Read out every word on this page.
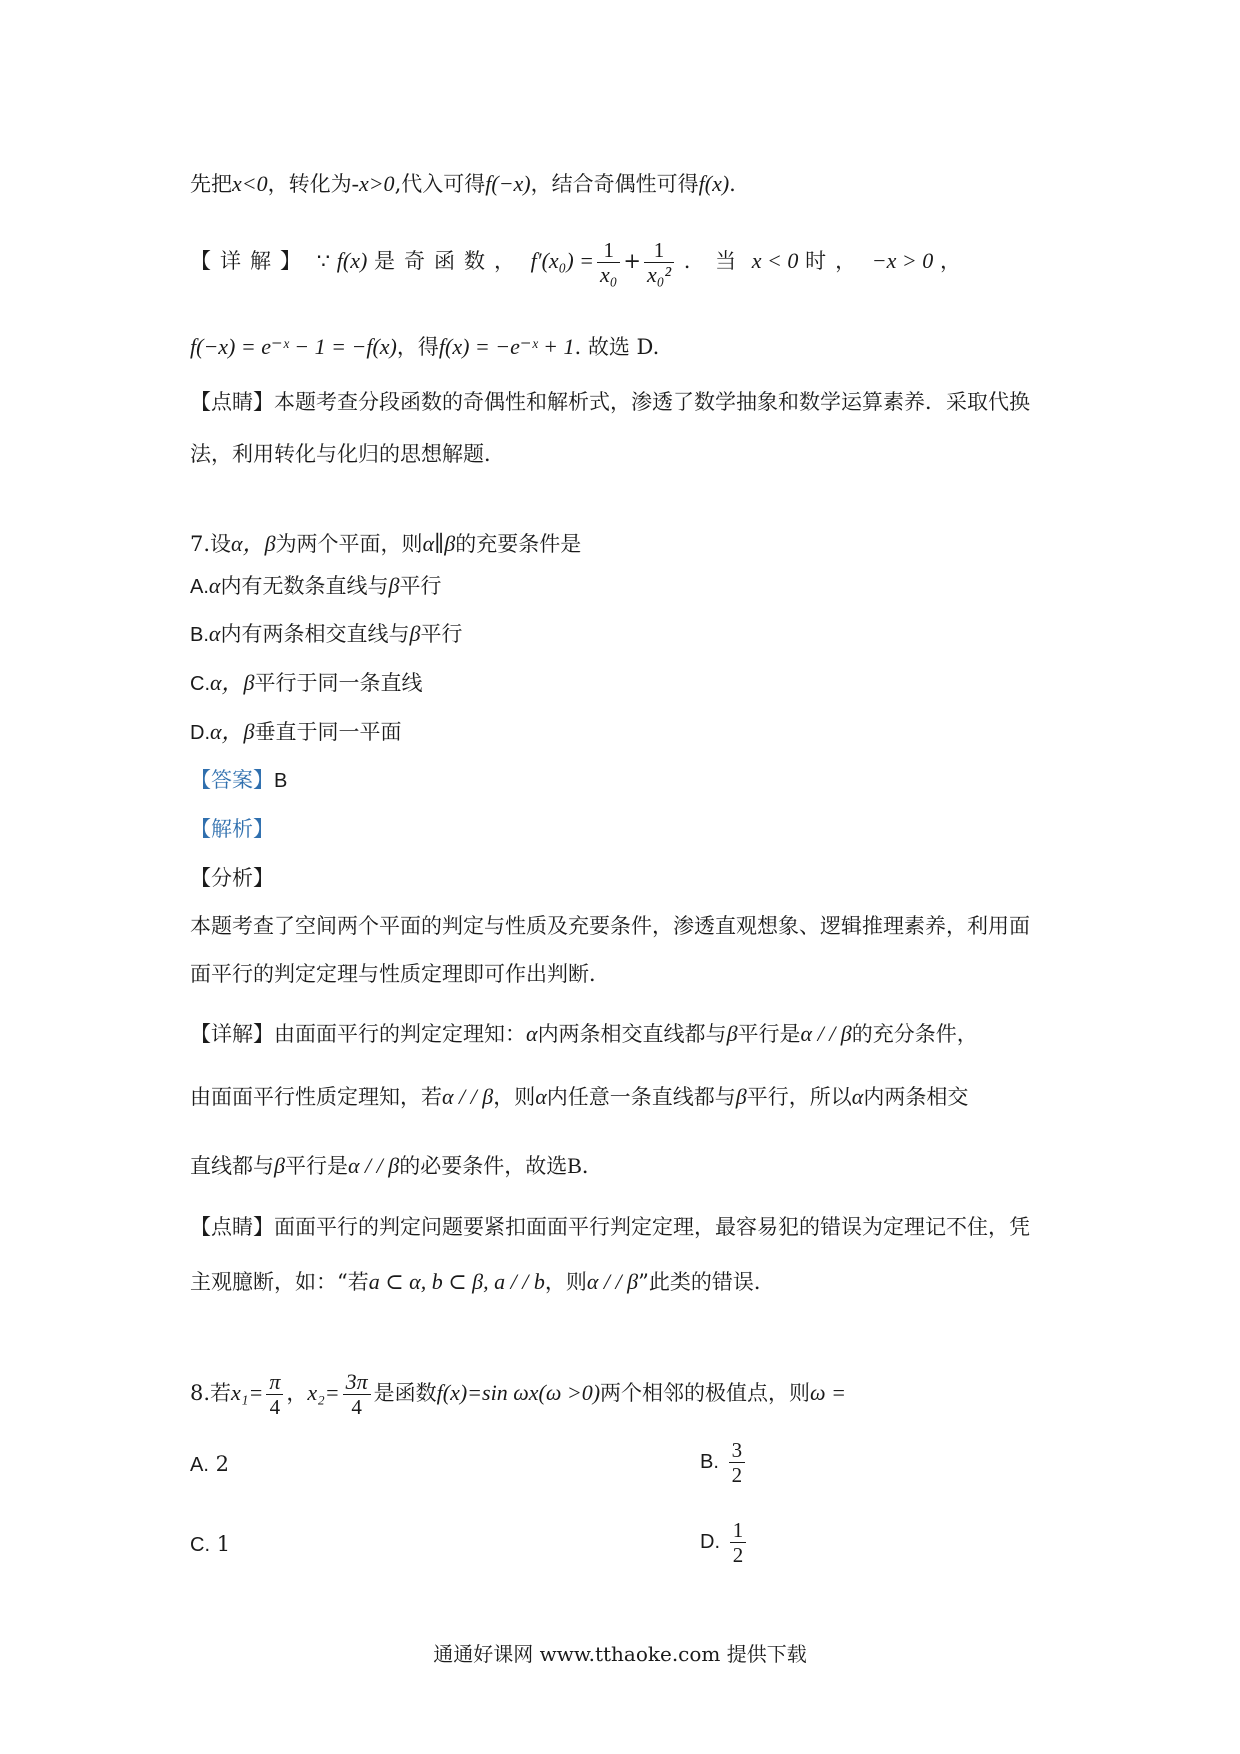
先把x<0，转化为-x>0,代入可得f(−x)，结合奇偶性可得f(x).
【详解】 ∵ f(x) 是奇函数， $f'(x_0) = \frac{1}{\text{x₀}} + \frac{1}{\text{x₀²}}$ . 当 x < 0 时， −x > 0 ，
f(−x) = e⁻ˣ − 1 = −f(x)，得f(x) = −e⁻ˣ + 1. 故选 D.
【点睛】本题考查分段函数的奇偶性和解析式，渗透了数学抽象和数学运算素养．采取代换
法，利用转化与化归的思想解题．
7.设α，β为两个平面，则α∥β的充要条件是
A.α内有无数条直线与β平行
B.α内有两条相交直线与β平行
C.α，β平行于同一条直线
D.α，β垂直于同一平面
【答案】B
【解析】
【分析】
本题考查了空间两个平面的判定与性质及充要条件，渗透直观想象、逻辑推理素养，利用面
面平行的判定定理与性质定理即可作出判断．
【详解】由面面平行的判定定理知：α内两条相交直线都与β平行是α / / β的充分条件，
由面面平行性质定理知，若α / / β，则α内任意一条直线都与β平行，所以α内两条相交
直线都与β平行是α / / β的必要条件，故选B．
【点睛】面面平行的判定问题要紧扣面面平行判定定理，最容易犯的错误为定理记不住，凭
主观臆断，如：“若a ⊂ α, b ⊂ β, a / / b，则α / / β”此类的错误．
8.若$x_1= \frac{\pi}{4}$ ，$x_2= \frac{3\pi}{4}$ 是函数f(x)=sin ωx(ω >0)两个相邻的极值点，则ω =
A. 2	B. $\frac{3}{2}$
C. 1	D. $\frac{1}{2}$
通通好课网 www.tthaoke.com 提供下载
